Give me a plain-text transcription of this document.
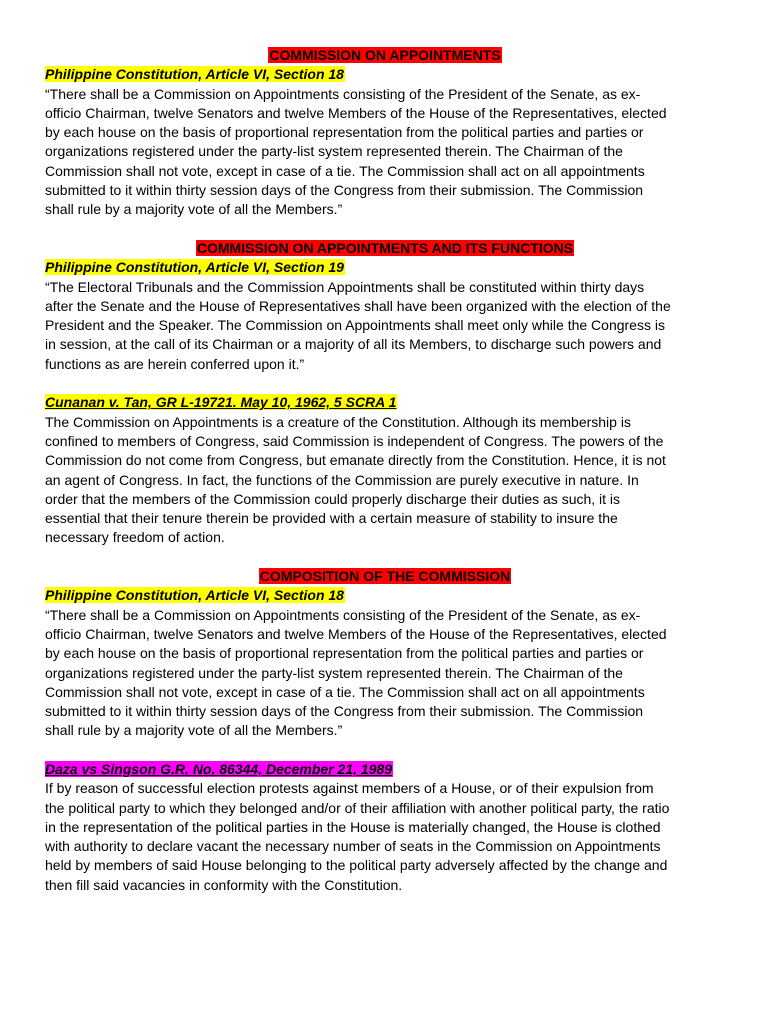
COMMISSION ON APPOINTMENTS

Philippine Constitution, Article VI, Section 18

“There shall be a Commission on Appointments consisting of the President of the Senate, as ex-
officio Chairman, twelve Senators and twelve Members of the House of the Representatives, elected
by each house on the basis of proportional representation from the political parties and parties or
organizations registered under the party-list system represented therein. The Chairman of the
Commission shall not vote, except in case of a tie. The Commission shall act on all appointments
submitted to it within thirty session days of the Congress from their submission. The Commission
shall rule by a majority vote of all the Members.”

COMMISSION ON APPOINTMENTS AND ITS FUNCTIONS

Philippine Constitution, Article VI, Section 19

“The Electoral Tribunals and the Commission Appointments shall be constituted within thirty days
after the Senate and the House of Representatives shall have been organized with the election of the
President and the Speaker. The Commission on Appointments shall meet only while the Congress is
in session, at the call of its Chairman or a majority of all its Members, to discharge such powers and
functions as are herein conferred upon it.”

Cunanan v. Tan, GR L-19721. May 10, 1962, 5 SCRA 1

The Commission on Appointments is a creature of the Constitution. Although its membership is
confined to members of Congress, said Commission is independent of Congress. The powers of the
Commission do not come from Congress, but emanate directly from the Constitution. Hence, it is not
an agent of Congress. In fact, the functions of the Commission are purely executive in nature. In
order that the members of the Commission could properly discharge their duties as such, it is
essential that their tenure therein be provided with a certain measure of stability to insure the
necessary freedom of action.

COMPOSITION OF THE COMMISSION

Philippine Constitution, Article VI, Section 18

“There shall be a Commission on Appointments consisting of the President of the Senate, as ex-
officio Chairman, twelve Senators and twelve Members of the House of the Representatives, elected
by each house on the basis of proportional representation from the political parties and parties or
organizations registered under the party-list system represented therein. The Chairman of the
Commission shall not vote, except in case of a tie. The Commission shall act on all appointments
submitted to it within thirty session days of the Congress from their submission. The Commission
shall rule by a majority vote of all the Members.”

Daza vs Singson G.R. No. 86344, December 21, 1989

If by reason of successful election protests against members of a House, or of their expulsion from
the political party to which they belonged and/or of their affiliation with another political party, the ratio
in the representation of the political parties in the House is materially changed, the House is clothed
with authority to declare vacant the necessary number of seats in the Commission on Appointments
held by members of said House belonging to the political party adversely affected by the change and
then fill said vacancies in conformity with the Constitution.
